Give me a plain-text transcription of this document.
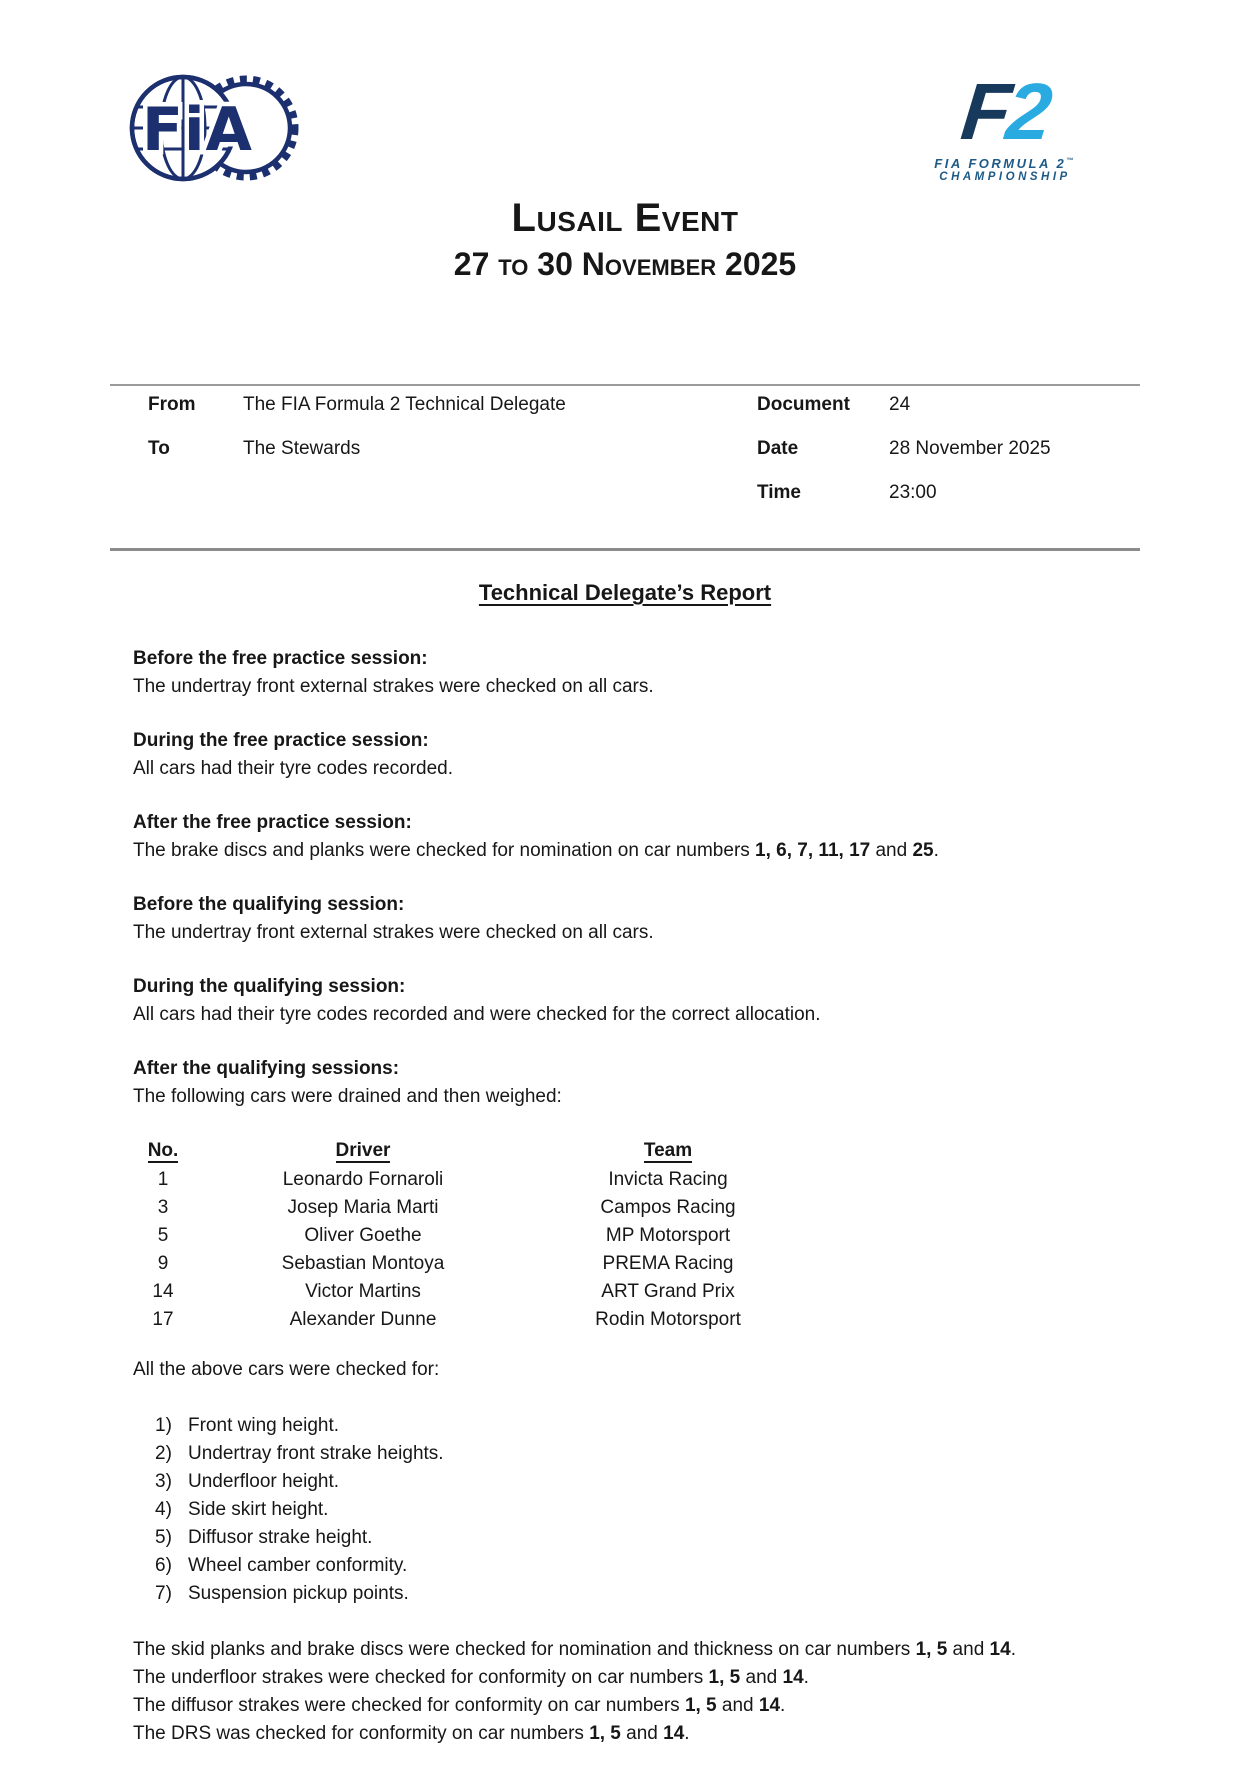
FiA	F2
FIA FORMULA 2™
CHAMPIONSHIP
Lusail Event
27 to 30 November 2025
From	The FIA Formula 2 Technical Delegate	Document	24
To	The Stewards	Date	28 November 2025
Time	23:00
Technical Delegate’s Report
Before the free practice session:
The undertray front external strakes were checked on all cars.
During the free practice session:
All cars had their tyre codes recorded.
After the free practice session:
The brake discs and planks were checked for nomination on car numbers 1, 6, 7, 11, 17 and 25.
Before the qualifying session:
The undertray front external strakes were checked on all cars.
During the qualifying session:
All cars had their tyre codes recorded and were checked for the correct allocation.
After the qualifying sessions:
The following cars were drained and then weighed:
No.	Driver	Team
1	Leonardo Fornaroli	Invicta Racing
3	Josep Maria Marti	Campos Racing
5	Oliver Goethe	MP Motorsport
9	Sebastian Montoya	PREMA Racing
14	Victor Martins	ART Grand Prix
17	Alexander Dunne	Rodin Motorsport
All the above cars were checked for:
1) Front wing height.
2) Undertray front strake heights.
3) Underfloor height.
4) Side skirt height.
5) Diffusor strake height.
6) Wheel camber conformity.
7) Suspension pickup points.

The skid planks and brake discs were checked for nomination and thickness on car numbers 1, 5 and 14.

The underfloor strakes were checked for conformity on car numbers 1, 5 and 14.

The diffusor strakes were checked for conformity on car numbers 1, 5 and 14.

The DRS was checked for conformity on car numbers 1, 5 and 14.
